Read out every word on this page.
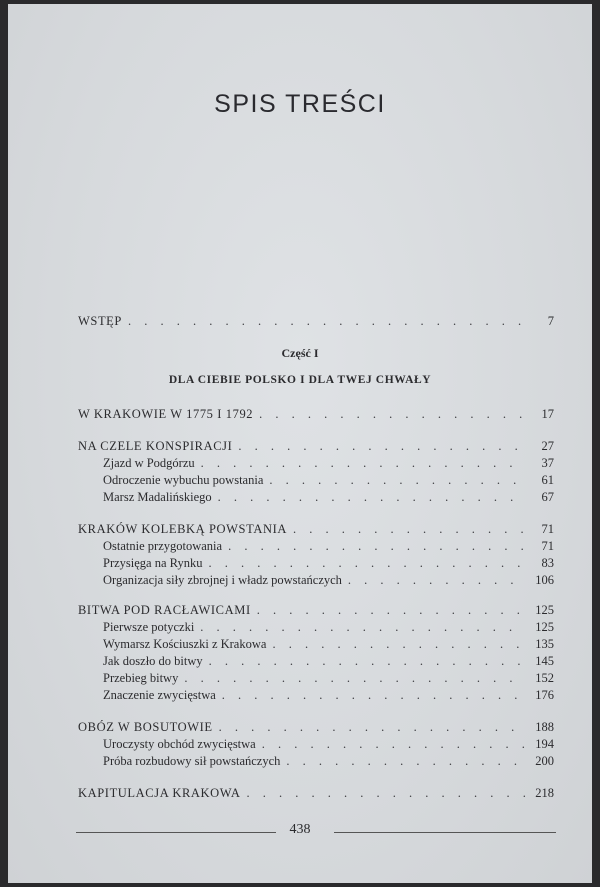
SPIS TREŚCI
WSTĘP . . .	7
Część I
DLA CIEBIE POLSKO I DLA TWEJ CHWAŁY
W KRAKOWIE W 1775 I 1792 . . .	17
NA CZELE KONSPIRACJI . . .	27
Zjazd w Podgórzu . . .	37
Odroczenie wybuchu powstania . . .	61
Marsz Madalińskiego . . .	67
KRAKÓW KOLEBKĄ POWSTANIA . . .	71
Ostatnie przygotowania . . .	71
Przysięga na Rynku . . .	83
Organizacja siły zbrojnej i władz powstańczych . . .	106
BITWA POD RACŁAWICAMI . . .	125
Pierwsze potyczki . . .	125
Wymarsz Kościuszki z Krakowa . . .	135
Jak doszło do bitwy . . .	145
Przebieg bitwy . . .	152
Znaczenie zwycięstwa . . .	176
OBÓZ W BOSUTOWIE . . .	188
Uroczysty obchód zwycięstwa . . .	194
Próba rozbudowy sił powstańczych . . .	200
KAPITULACJA KRAKOWA . . .	218
438
